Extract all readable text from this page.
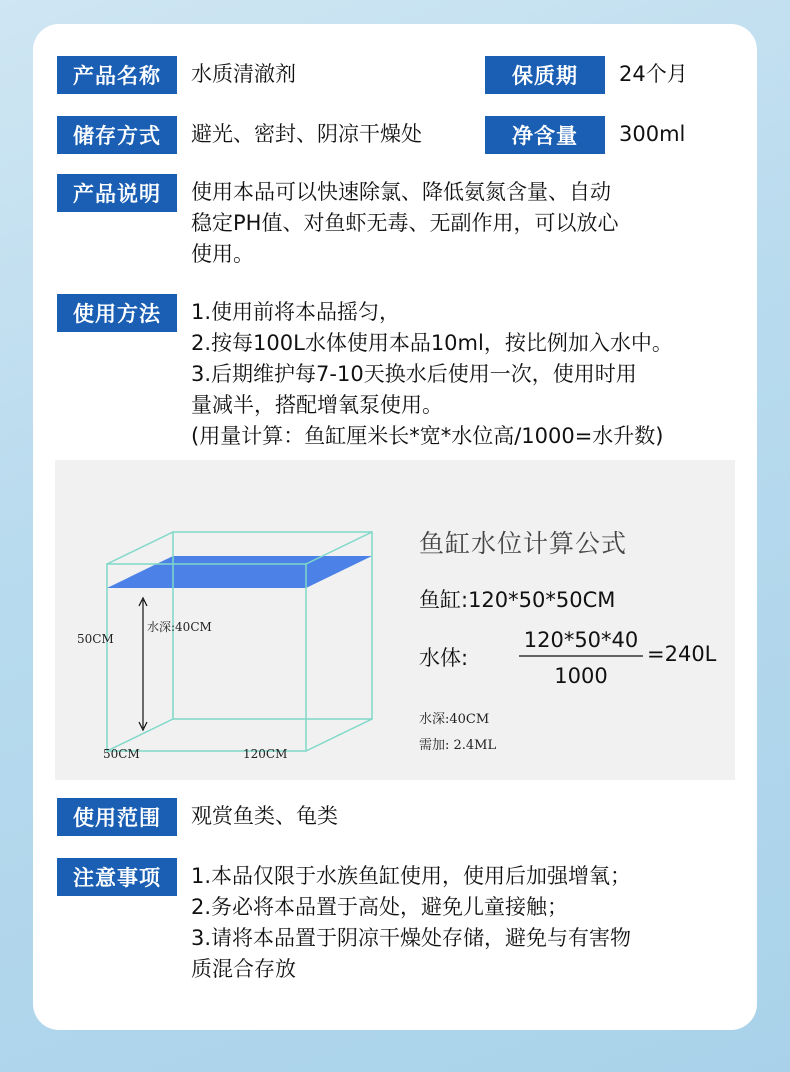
产品名称	水质清澈剂	保质期	24个月
储存方式	避光、密封、阴凉干燥处	净含量	300ml
产品说明	使用本品可以快速除氯、降低氨氮含量、自动
稳定PH值、对鱼虾无毒、无副作用，可以放心
使用。
使用方法	1.使用前将本品摇匀，
2.按每100L水体使用本品10ml，按比例加入水中。
3.后期维护每7-10天换水后使用一次，使用时用
量减半，搭配增氧泵使用。
(用量计算：鱼缸厘米长*宽*水位高/1000=水升数)
50CM
水深:40CM
50CM	120CM
鱼缸水位计算公式
鱼缸:120*50*50CM
水体:
120*50*40
1000
=240L
水深:40CM
需加: 2.4ML
使用范围	观赏鱼类、龟类
注意事项	1.本品仅限于水族鱼缸使用，使用后加强增氧；
2.务必将本品置于高处，避免儿童接触；
3.请将本品置于阴凉干燥处存储，避免与有害物
质混合存放
